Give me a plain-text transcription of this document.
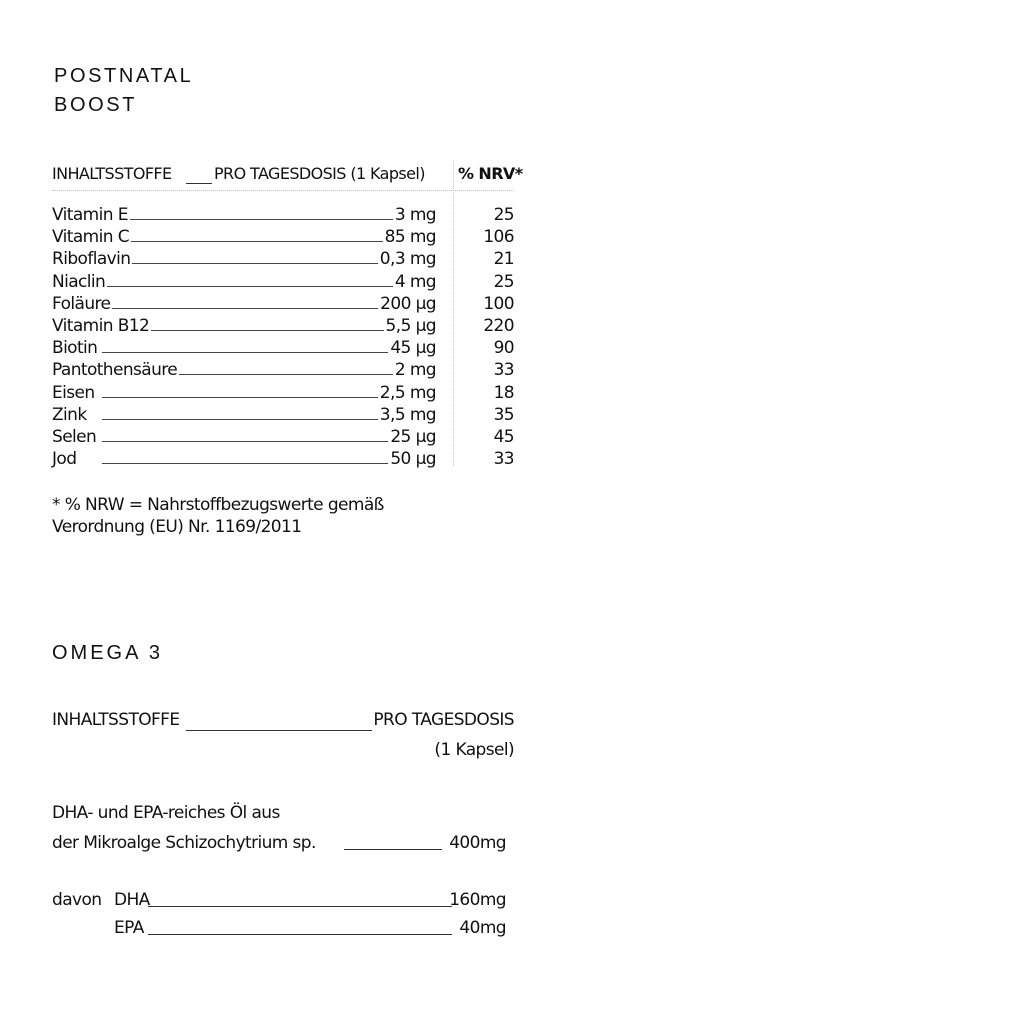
POSTNATAL
BOOST
INHALTSSTOFFE	PRO TAGESDOSIS (1 Kapsel) % NRV*
Vitamin E	3 mg	25
Vitamin C	85 mg	106
Riboflavin	0,3 mg	21
Niaclin	4 mg	25
Foläure	200 µg	100
Vitamin B12	5,5 µg	220
Biotin	45 µg	90
Pantothensäure	2 mg	33
Eisen	2,5 mg	18
Zink	3,5 mg	35
Selen	25 µg	45
Jod	50 µg	33
* % NRW = Nahrstoffbezugswerte gemäß
Verordnung (EU) Nr. 1169/2011
OMEGA 3
INHALTSSTOFFE	PRO TAGESDOSIS
(1 Kapsel)
DHA- und EPA-reiches Öl aus
der Mikroalge Schizochytrium sp.	400mg
davon DHA	160mg
EPA	40mg
